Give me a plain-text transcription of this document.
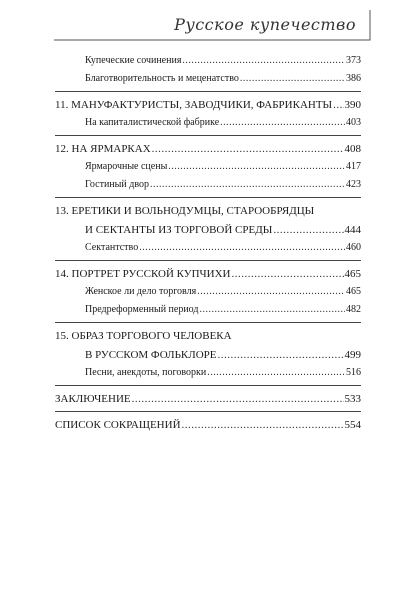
Русское купечество
Купеческие сочинения .....	373
Благотворительность и меценатство .....	386
11. МАНУФАКТУРИСТЫ, ЗАВОДЧИКИ, ФАБРИКАНТЫ ..... 390
На капиталистической фабрике .....	403
12. НА ЯРМАРКАХ .....	408
Ярмарочные сцены .....	417
Гостиный двор .....	423
13. ЕРЕТИКИ И ВОЛЬНОДУМЦЫ, СТАРООБРЯДЦЫ
И СЕКТАНТЫ ИЗ ТОРГОВОЙ СРЕДЫ .....	444
Сектантство .....	460
14. ПОРТРЕТ РУССКОЙ КУПЧИХИ .....	465
Женское ли дело торговля .....	465
Предреформенный период .....	482
15. ОБРАЗ ТОРГОВОГО ЧЕЛОВЕКА
В РУССКОМ ФОЛЬКЛОРЕ .....	499
Песни, анекдоты, поговорки .....	516
ЗАКЛЮЧЕНИЕ .....	533
СПИСОК СОКРАЩЕНИЙ .....	554
